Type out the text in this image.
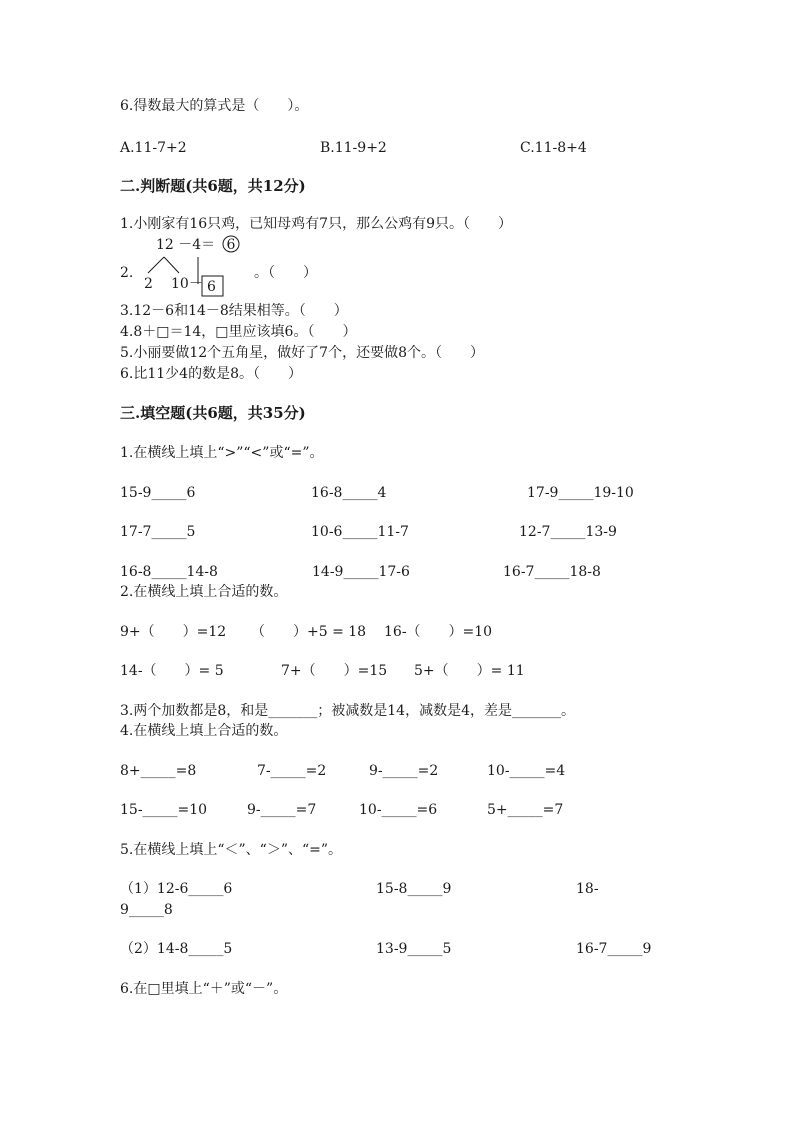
6.得数最大的算式是（　　）。
A.11-7+2	B.11-9+2	C.11-8+4
二.判断题(共6题，共12分)
1.小刚家有16只鸡，已知母鸡有7只，那么公鸡有9只。（　　）
12 －4＝ 6
2 10－ 6
2.	。（　　）
3.12－6和14－8结果相等。（　　）
4.8＋□＝14，□里应该填6。（　　）
5.小丽要做12个五角星，做好了7个，还要做8个。（　　）
6.比11少4的数是8。（　　）
三.填空题(共6题，共35分)
1.在横线上填上“>”“<”或“=”。
15-9_____6	16-8_____4	17-9_____19-10
17-7_____5	10-6_____11-7	12-7_____13-9
16-8_____14-8	14-9_____17-6	16-7_____18-8
2.在横线上填上合适的数。
9+（　　）=12 （　　）+5 = 18 16-（　　）=10
14-（　　）= 5	7+（　　）=15 5+（　　）= 11
3.两个加数都是8，和是_______；被减数是14，减数是4，差是_______。
4.在横线上填上合适的数。
8+_____=8	7-_____=2	9-_____=2	10-_____=4
15-_____=10	9-_____=7	10-_____=6	5+_____=7
5.在横线上填上“＜”、“＞”、“=”。
（1）12-6_____6	15-8_____9	18-
9_____8
（2）14-8_____5	13-9_____5	16-7_____9
6.在□里填上“＋”或“－”。
